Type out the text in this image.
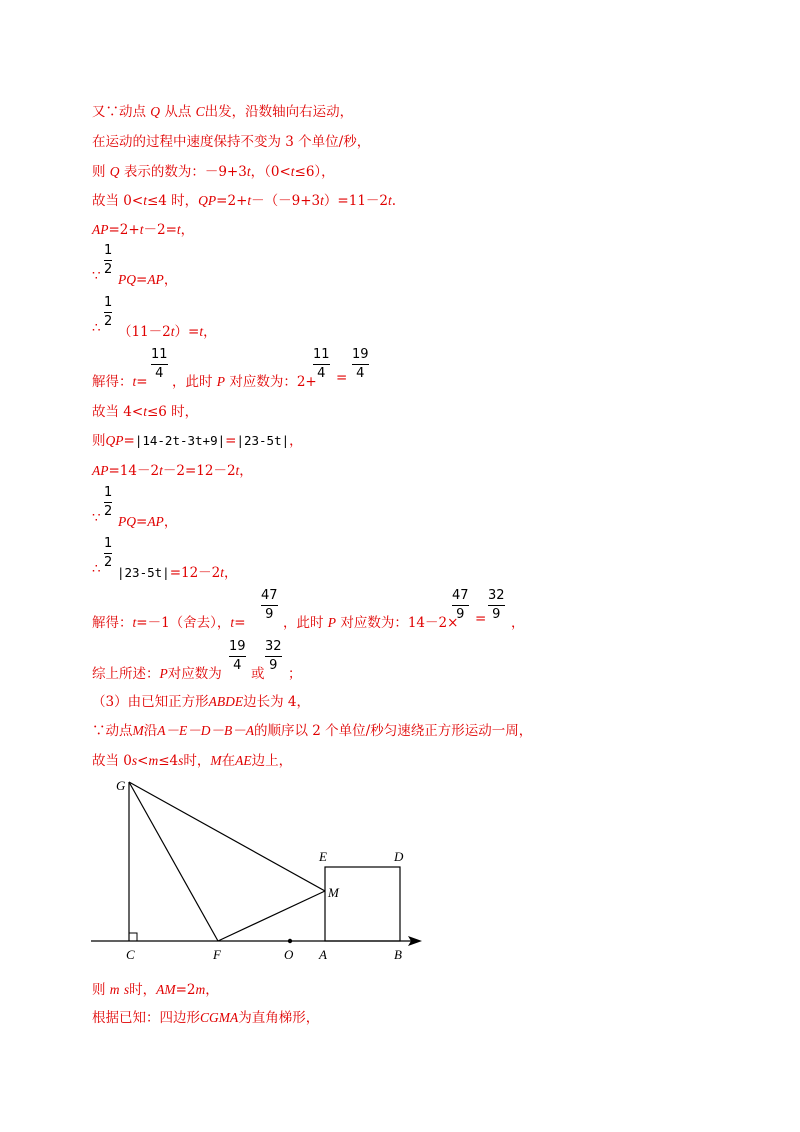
又∵动点 Q 从点 C出发，沿数轴向右运动，
在运动的过程中速度保持不变为 3 个单位/秒，
则 Q 表示的数为：－9+3t，（0<t≤6），
故当 0<t≤4 时，QP=2+t－（－9+3t）=11－2t.
AP=2+t－2=t，
∵
1
2
PQ=AP，
∴
1
2
（11－2t）=t，
解得：t=
11
4
，此时 P 对应数为：2+
11
4 =
19
4
故当 4<t≤6 时，
则QP=|14-2t-3t+9|=|23-5t|，
AP=14－2t－2=12－2t，
∵
1
2
PQ=AP，
∴
1
2
|23-5t|=12－2t，
解得：t=－1（舍去），t=
47
9
，此时 P 对应数为：14－2×
47
9 =
32
9
，
综上所述：P对应数为
19
4
或
32
9
；
（3）由已知正方形ABDE边长为 4，
∵动点M沿A－E－D－B－A的顺序以 2 个单位/秒匀速绕正方形运动一周，
故当 0s<m≤4s时，M在AE边上，
G
C	F	O A	B
E	D
M
则 m s时，AM=2m，
根据已知：四边形CGMA为直角梯形，
